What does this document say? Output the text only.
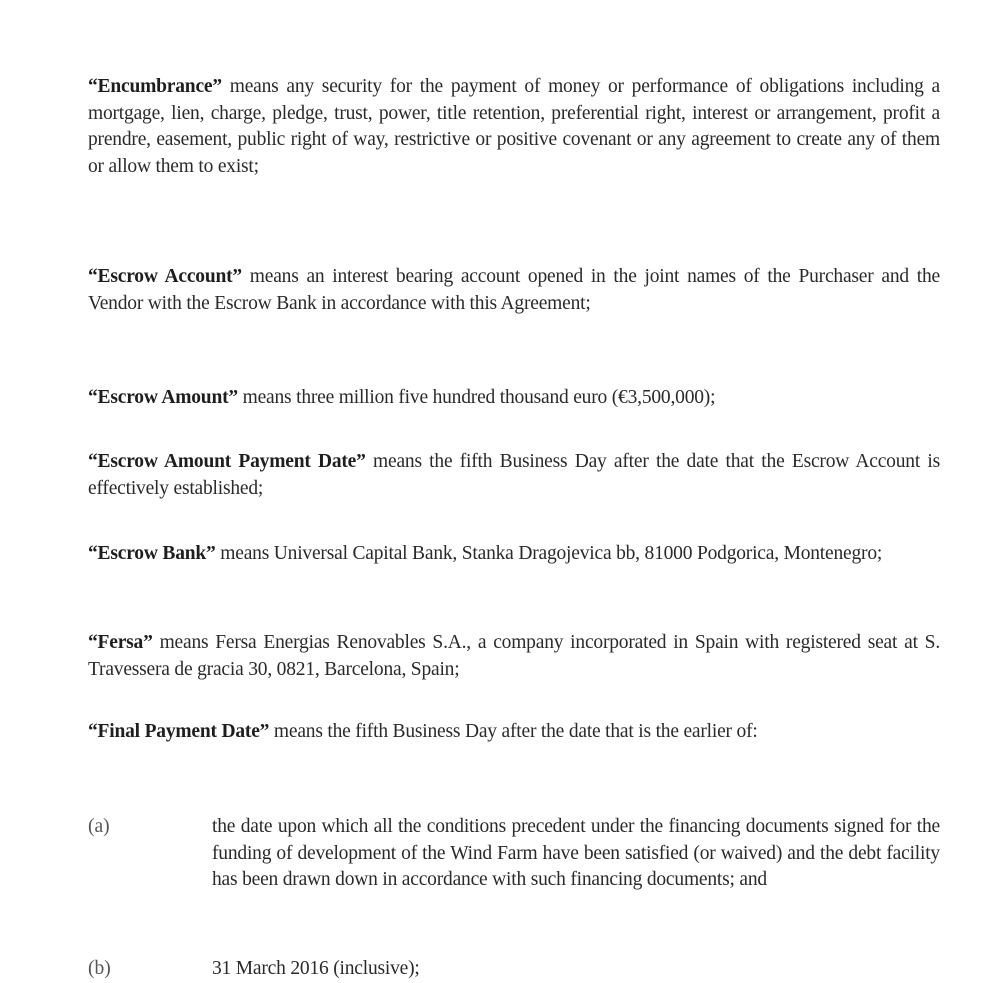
“Encumbrance” means any security for the payment of money or performance of obligations including a mortgage, lien, charge, pledge, trust, power, title retention, preferential right, interest or arrangement, profit a prendre, easement, public right of way, restrictive or positive covenant or any agreement to create any of them or allow them to exist;

“Escrow Account” means an interest bearing account opened in the joint names of the Purchaser and the Vendor with the Escrow Bank in accordance with this Agreement;

“Escrow Amount” means three million five hundred thousand euro (€3,500,000);

“Escrow Amount Payment Date” means the fifth Business Day after the date that the Escrow Account is effectively established;

“Escrow Bank” means Universal Capital Bank, Stanka Dragojevica bb, 81000 Podgorica, Montenegro;

“Fersa” means Fersa Energias Renovables S.A., a company incorporated in Spain with registered seat at S. Travessera de gracia 30, 0821, Barcelona, Spain;

“Final Payment Date” means the fifth Business Day after the date that is the earlier of:

(a)	the date upon which all the conditions precedent under the financing documents signed for the funding of development of the Wind Farm have been satisfied (or waived) and the debt facility has been drawn down in accordance with such financing documents; and
(b)	31 March 2016 (inclusive);
